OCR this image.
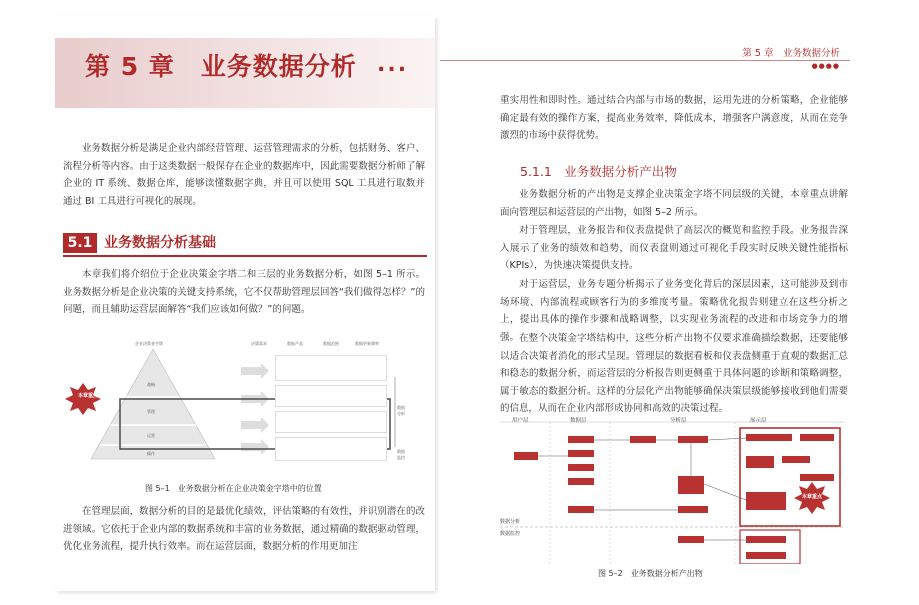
第 5 章　业务数据分析 ...

业务数据分析是满足企业内部经营管理、运营管理需求的分析，包括财务、客户、流程分析等内容。由于这类数据一般保存在企业的数据库中，因此需要数据分析师了解企业的 IT 系统、数据仓库，能够读懂数据字典，并且可以使用 SQL 工具进行取数并通过 BI 工具进行可视化的展现。

5.1 业务数据分析基础

本章我们将介绍位于企业决策金字塔二和三层的业务数据分析，如图 5–1 所示。业务数据分析是企业决策的关键支持系统，它不仅帮助管理层回答“我们做得怎样？”的问题，而且辅助运营层面解答“我们应该如何做？”的问题。

企业决策金字塔
战略
管理
运营
操作
本章重点
决策需求	数据产品	数据范围	数据更新频率
数据分析
数据监控
图 5–1　业务数据分析在企业决策金字塔中的位置

在管理层面，数据分析的目的是最优化绩效，评估策略的有效性，并识别潜在的改进领域。它依托于企业内部的数据系统和丰富的业务数据，通过精确的数据驱动管理，优化业务流程，提升执行效率。而在运营层面，数据分析的作用更加注

第 5 章　业务数据分析
●●●●

重实用性和即时性。通过结合内部与市场的数据，运用先进的分析策略，企业能够确定最有效的操作方案，提高业务效率，降低成本，增强客户满意度，从而在竞争激烈的市场中获得优势。

5.1.1　业务数据分析产出物

业务数据分析的产出物是支撑企业决策金字塔不同层级的关键，本章重点讲解面向管理层和运营层的产出物，如图 5–2 所示。

对于管理层，业务报告和仪表盘提供了高层次的概览和监控手段。业务报告深入展示了业务的绩效和趋势，而仪表盘则通过可视化手段实时反映关键性能指标（KPIs），为快速决策提供支持。

对于运营层，业务专题分析揭示了业务变化背后的深层因素，这可能涉及到市场环境、内部流程或顾客行为的多维度考量。策略优化报告则建立在这些分析之上，提出具体的操作步骤和战略调整，以实现业务流程的改进和市场竞争力的增强。 在整个决策金字塔结构中，这些分析产出物不仅要求准确描绘数据，还要能够以适合决策者消化的形式呈现。管理层的数据看板和仪表盘侧重于直观的数据汇总和稳态的数据分析，而运营层的分析报告则更侧重于具体问题的诊断和策略调整，属于敏态的数据分析。这样的分层化产出物能够确保决策层级能够接收到他们需要的信息，从而在企业内部形成协同和高效的决策过程。

用户层	数据层	分析层	展示层
本章重点
数据分析
数据监控
图 5–2　业务数据分析产出物
